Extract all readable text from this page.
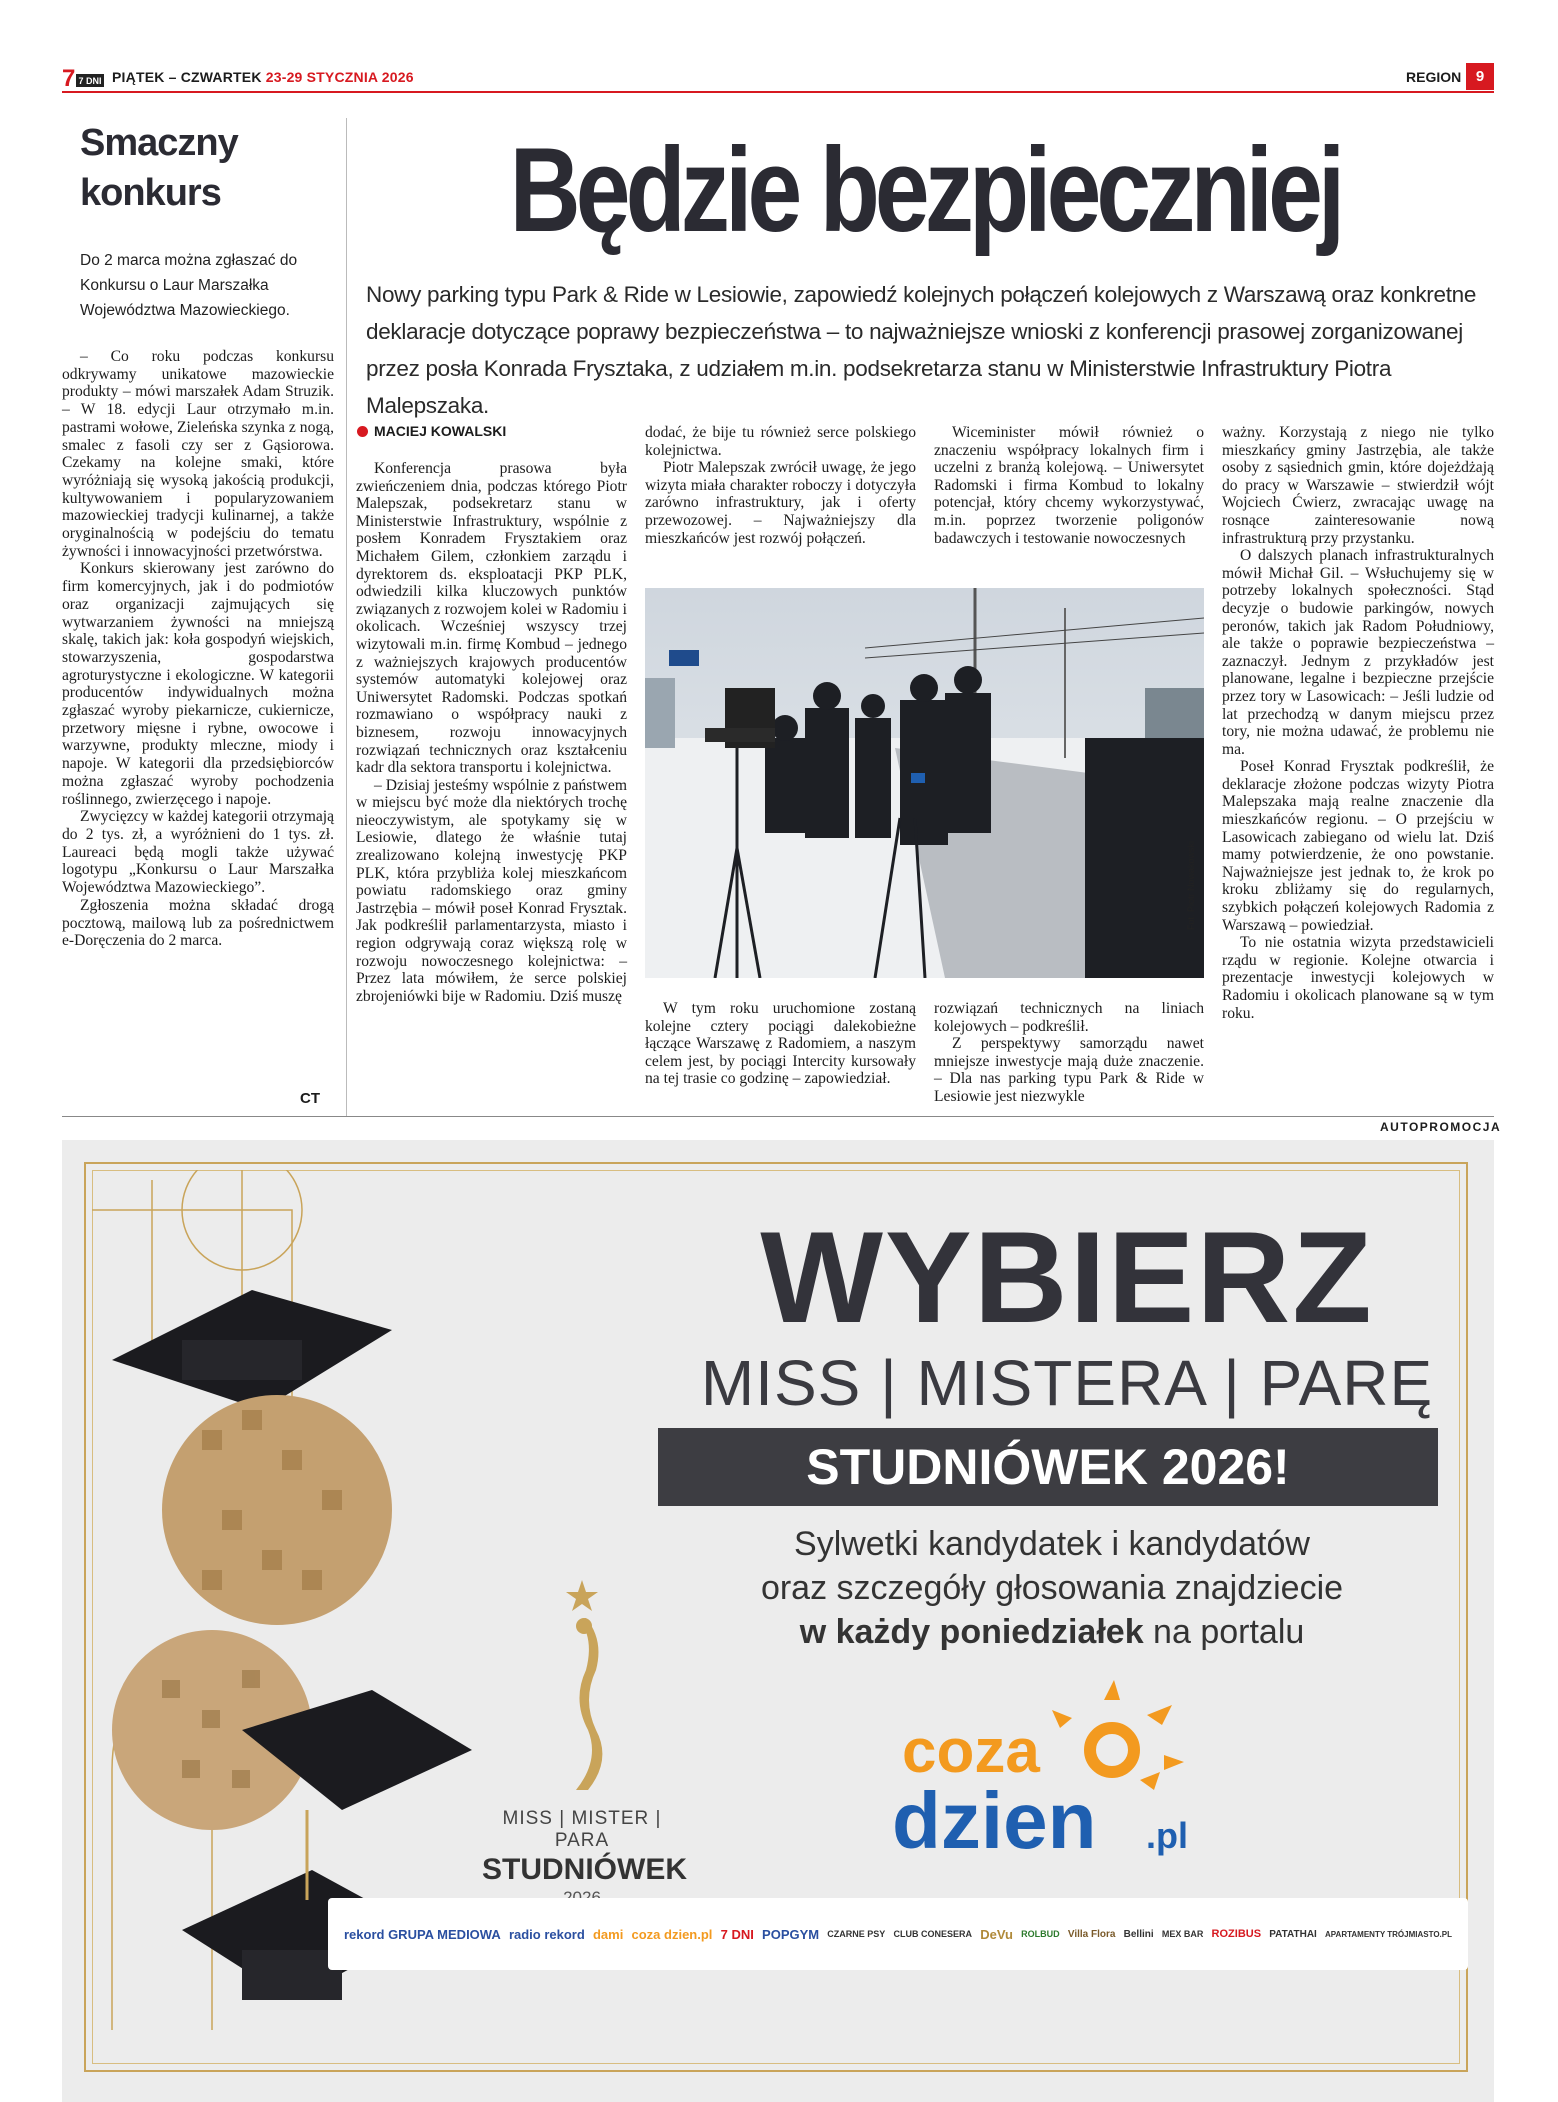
7 7 DNI PIĄTEK – CZWARTEK 23-29 STYCZNIA 2026	REGION 9
Smaczny
konkurs
Do 2 marca można zgłaszać do Konkursu o Laur Marszałka Województwa Mazowieckiego.

– Co roku podczas konkursu odkrywamy unikatowe mazowieckie produkty – mówi marszałek Adam Struzik. – W 18. edycji Laur otrzymało m.in. pastrami wołowe, Zieleńska szynka z nogą, smalec z fasoli czy ser z Gąsiorowa. Czekamy na kolejne smaki, które wyróżniają się wysoką jakością produkcji, kultywowaniem i popularyzowaniem mazowieckiej tradycji kulinarnej, a także oryginalnością w podejściu do tematu żywności i innowacyjności przetwórstwa.

Konkurs skierowany jest zarówno do firm komercyjnych, jak i do podmiotów oraz organizacji zajmujących się wytwarzaniem żywności na mniejszą skalę, takich jak: koła gospodyń wiejskich, stowarzyszenia, gospodarstwa agroturystyczne i ekologiczne. W kategorii producentów indywidualnych można zgłaszać wyroby piekarnicze, cukiernicze, przetwory mięsne i rybne, owocowe i warzywne, produkty mleczne, miody i napoje. W kategorii dla przedsiębiorców można zgłaszać wyroby pochodzenia roślinnego, zwierzęcego i napoje.

Zwycięzcy w każdej kategorii otrzymają do 2 tys. zł, a wyróżnieni do 1 tys. zł. Laureaci będą mogli także używać logotypu „Konkursu o Laur Marszałka Województwa Mazowieckiego”.

Zgłoszenia można składać drogą pocztową, mailową lub za pośrednictwem e-Doręczenia do 2 marca.

CT
Będzie bezpieczniej
Nowy parking typu Park & Ride w Lesiowie, zapowiedź kolejnych połączeń kolejowych z Warszawą oraz konkretne deklaracje dotyczące poprawy bezpieczeństwa – to najważniejsze wnioski z konferencji prasowej zorganizowanej przez posła Konrada Frysztaka, z udziałem m.in. podsekretarza stanu w Ministerstwie Infrastruktury Piotra Malepszaka.
MACIEJ KOWALSKI

Konferencja prasowa była zwieńczeniem dnia, podczas którego Piotr Malepszak, podsekretarz stanu w Ministerstwie Infrastruktury, wspólnie z posłem Konradem Frysztakiem oraz Michałem Gilem, członkiem zarządu i dyrektorem ds. eksploatacji PKP PLK, odwiedzili kilka kluczowych punktów związanych z rozwojem kolei w Radomiu i okolicach. Wcześniej wszyscy trzej wizytowali m.in. firmę Kombud – jednego z ważniejszych krajowych producentów systemów automatyki kolejowej oraz Uniwersytet Radomski. Podczas spotkań rozmawiano o współpracy nauki z biznesem, rozwoju innowacyjnych rozwiązań technicznych oraz kształceniu kadr dla sektora transportu i kolejnictwa.

– Dzisiaj jesteśmy wspólnie z państwem w miejscu być może dla niektórych trochę nieoczywistym, ale spotykamy się w Lesiowie, dlatego że właśnie tutaj zrealizowano kolejną inwestycję PKP PLK, która przybliża kolej mieszkańcom powiatu radomskiego oraz gminy Jastrzębia – mówił poseł Konrad Frysztak. Jak podkreślił parlamentarzysta, miasto i region odgrywają coraz większą rolę w rozwoju nowoczesnego kolejnictwa: – Przez lata mówiłem, że serce polskiej zbrojeniówki bije w Radomiu. Dziś muszę

dodać, że bije tu również serce polskiego kolejnictwa.

Piotr Malepszak zwrócił uwagę, że jego wizyta miała charakter roboczy i dotyczyła zarówno infrastruktury, jak i oferty przewozowej. – Najważniejszy dla mieszkańców jest rozwój połączeń.

Wiceminister mówił również o znaczeniu współpracy lokalnych firm i uczelni z branżą kolejową. – Uniwersytet Radomski i firma Kombud to lokalny potencjał, który chcemy wykorzystywać, m.in. poprzez tworzenie poligonów badawczych i testowanie nowoczesnych

ważny. Korzystają z niego nie tylko mieszkańcy gminy Jastrzębia, ale także osoby z sąsiednich gmin, które dojeżdżają do pracy w Warszawie – stwierdził wójt Wojciech Ćwierz, zwracając uwagę na rosnące zainteresowanie nową infrastrukturą przy przystanku.

O dalszych planach infrastrukturalnych mówił Michał Gil. – Wsłuchujemy się w potrzeby lokalnych społeczności. Stąd decyzje o budowie parkingów, nowych peronów, takich jak Radom Południowy, ale także o poprawie bezpieczeństwa – zaznaczył. Jednym z przykładów jest planowane, legalne i bezpieczne przejście przez tory w Lasowicach: – Jeśli ludzie od lat przechodzą w danym miejscu przez tory, nie można udawać, że problemu nie ma.

Poseł Konrad Frysztak podkreślił, że deklaracje złożone podczas wizyty Piotra Malepszaka mają realne znaczenie dla mieszkańców regionu. – O przejściu w Lasowicach zabiegano od wielu lat. Dziś mamy potwierdzenie, że ono powstanie. Najważniejsze jest jednak to, że krok po kroku zbliżamy się do regularnych, szybkich połączeń kolejowych Radomia z Warszawą – powiedział.

To nie ostatnia wizyta przedstawicieli rządu w regionie. Kolejne otwarcia i prezentacje inwestycji kolejowych w Radomiu i okolicach planowane są w tym roku.

Fot. Piotr Nowakowski

W tym roku uruchomione zostaną kolejne cztery pociągi dalekobieżne łączące Warszawę z Radomiem, a naszym celem jest, by pociągi Intercity kursowały na tej trasie co godzinę – zapowiedział.

rozwiązań technicznych na liniach kolejowych – podkreślił.

Z perspektywy samorządu nawet mniejsze inwestycje mają duże znaczenie. – Dla nas parking typu Park & Ride w Lesiowie jest niezwykle

AUTOPROMOCJA
WYBIERZ
MISS | MISTERA | PARĘ
STUDNIÓWEK 2026!
Sylwetki kandydatek i kandydatów
oraz szczegóły głosowania znajdziecie
w każdy poniedziałek na portalu
MISS | MISTER | PARA
STUDNIÓWEK
coza
dzien .pl
rekord GRUPA MEDIOWA radio rekord dami coza dzien.pl 7 DNI POPGYM CZARNE PSY CLUB CONESERA DeVu ROLBUD Villa Flora Bellini MEX BAR ROZIBUS PATATHAI APARTAMENTY TRÓJMIASTO.PL
